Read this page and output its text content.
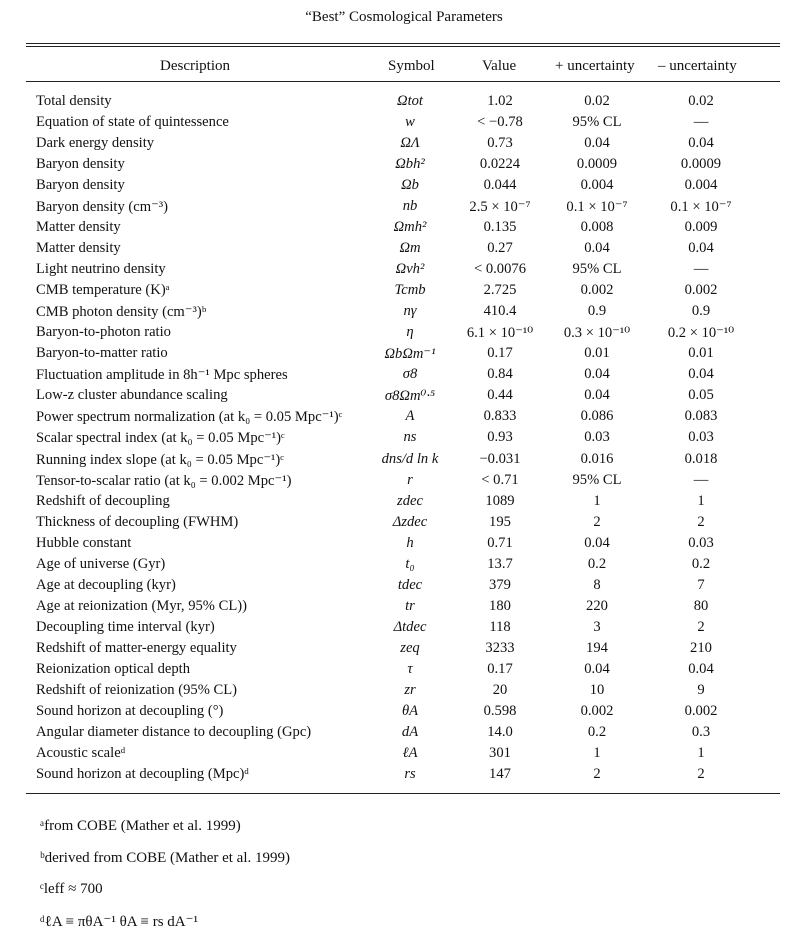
“Best” Cosmological Parameters
Description	Symbol	Value	+ uncertainty – uncertainty
Total density	Ωtot	1.02	0.02	0.02
Equation of state of quintessence	w	< −0.78	95% CL	—
Dark energy density	ΩΛ	0.73	0.04	0.04
Baryon density	Ωbh²	0.0224	0.0009	0.0009
Baryon density	Ωb	0.044	0.004	0.004
Baryon density (cm⁻³)	nb	2.5 × 10⁻⁷	0.1 × 10⁻⁷	0.1 × 10⁻⁷
Matter density	Ωmh²	0.135	0.008	0.009
Matter density	Ωm	0.27	0.04	0.04
Light neutrino density	Ωνh²	< 0.0076	95% CL	—
CMB temperature (K)ᵃ	Tcmb	2.725	0.002	0.002
CMB photon density (cm⁻³)ᵇ	nγ	410.4	0.9	0.9
Baryon-to-photon ratio	η	6.1 × 10⁻¹⁰	0.3 × 10⁻¹⁰	0.2 × 10⁻¹⁰
Baryon-to-matter ratio	ΩbΩm⁻¹	0.17	0.01	0.01
Fluctuation amplitude in 8h⁻¹ Mpc spheres	σ8	0.84	0.04	0.04
Low-z cluster abundance scaling	σ8Ωm⁰·⁵	0.44	0.04	0.05
Power spectrum normalization (at k₀ = 0.05 Mpc⁻¹)ᶜ	A	0.833	0.086	0.083
Scalar spectral index (at k₀ = 0.05 Mpc⁻¹)ᶜ	ns	0.93	0.03	0.03
Running index slope (at k₀ = 0.05 Mpc⁻¹)ᶜ	dns/d ln k	−0.031	0.016	0.018
Tensor-to-scalar ratio (at k₀ = 0.002 Mpc⁻¹)	r	< 0.71	95% CL	—
Redshift of decoupling	zdec	1089	1	1
Thickness of decoupling (FWHM)	Δzdec	195	2	2
Hubble constant	h	0.71	0.04	0.03
Age of universe (Gyr)	t₀	13.7	0.2	0.2
Age at decoupling (kyr)	tdec	379	8	7
Age at reionization (Myr, 95% CL))	tr	180	220	80
Decoupling time interval (kyr)	Δtdec	118	3	2
Redshift of matter-energy equality	zeq	3233	194	210
Reionization optical depth	τ	0.17	0.04	0.04
Redshift of reionization (95% CL)	zr	20	10	9
Sound horizon at decoupling (°)	θA	0.598	0.002	0.002
Angular diameter distance to decoupling (Gpc)	dA	14.0	0.2	0.3
Acoustic scaleᵈ	ℓA	301	1	1
Sound horizon at decoupling (Mpc)ᵈ	rs	147	2	2
ᵃfrom COBE (Mather et al. 1999)
ᵇderived from COBE (Mather et al. 1999)
ᶜleff ≈ 700
ᵈℓA ≡ πθA⁻¹ θA ≡ rs dA⁻¹
